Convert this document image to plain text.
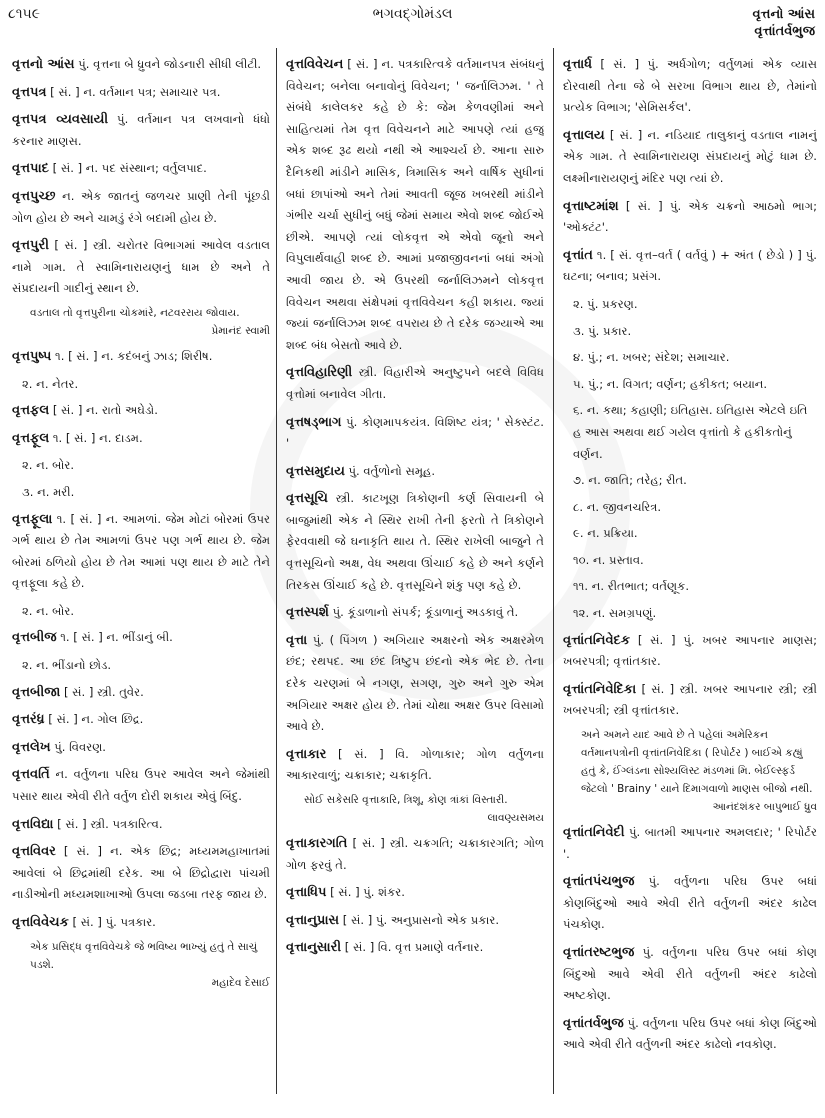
૮૧૫૯	ભગવદ્ગોમંડલ	વૃત્તનો આંસ
વૃત્તાંતર્વભુજ
વૃત્તનો આંસ પું. વૃત્તના બે ધ્રુવને જોડનારી સીધી લીટી.
વૃત્તપત્ર [ સં. ] ન. વર્તમાન પત્ર; સમાચાર પત્ર.
વૃત્તપત્ર વ્યવસાયી પું. વર્તમાન પત્ર લખવાનો ધંધો કરનાર માણસ.
વૃત્તપાદ [ સં. ] ન. પદ સંસ્થાન; વર્તુલપાદ.
વૃત્તપુચ્છ ન. એક જાતનું જળચર પ્રાણી તેની પૂંછડી ગોળ હોય છે અને ચામડું રંગે બદામી હોય છે.
વૃત્તપુરી [ સં. ] સ્ત્રી. ચરોતર વિભાગમાં આવેલ વડતાલ નામે ગામ. તે સ્વામિનારાયણનું ધામ છે અને તે સંપ્રદાયની ગાદીનું સ્થાન છે.
વડતાલ તો વૃત્તપુરીના ચોકમાંરે, નટવરરાય જોવાય.
પ્રેમાનંદ સ્વામી
વૃત્તપુષ્પ ૧. [ સં. ] ન. કદંબનું ઝાડ; શિરીષ.
૨. ન. નેતર.
વૃત્તફલ [ સં. ] ન. રાતો અઘેડો.
વૃત્તફૂલ ૧. [ સં. ] ન. દાડમ.
૨. ન. બોર.
૩. ન. મરી.
વૃત્તફૂલા ૧. [ સં. ] ન. આમળાં. જેમ મોટાં બોરમાં ઉપર ગર્ભ થાય છે તેમ આમળાં ઉપર પણ ગર્ભ થાય છે. જેમ બોરમાં ઠળિયો હોય છે તેમ આમાં પણ થાય છે માટે તેને વૃત્તફૂલા કહે છે.
૨. ન. બોર.
વૃત્તબીજ ૧. [ સં. ] ન. ભીંડાનું બી.
૨. ન. ભીંડાનો છોડ.
વૃત્તબીજા [ સં. ] સ્ત્રી. તુવેર.
વૃત્તરંધ્ર [ સં. ] ન. ગોલ છિદ્ર.
વૃત્તલેખ પું. વિવરણ.
વૃત્તવર્તિ ન. વર્તુળના પરિઘ ઉપર આવેલ અને જેમાંથી પસાર થાય એવી રીતે વર્તુળ દોરી શકાય એવું બિંદુ.
વૃત્તવિદ્યા [ સં. ] સ્ત્રી. પત્રકારિત્વ.
વૃત્તવિવર [ સં. ] ન. એક છિદ્ર; મધ્યમમહાખાતમાં આવેલાં બે છિદ્રમાંથી દરેક. આ બે છિદ્રોદ્વારા પાંચમી નાડીઓની મધ્યમશાખાઓ ઉપલા જડબા તરફ જાય છે.
વૃત્તવિવેચક [ સં. ] પું. પત્રકાર.
એક પ્રસિદ્ધ વૃત્તવિવેચકે જે ભવિષ્ય ભાખ્યું હતું તે સાચું પડશે.
મહાદેવ દેસાઈ
વૃત્તવિવેચન [ સં. ] ન. પત્રકારિત્વકે વર્તમાનપત્ર સંબંધનું વિવેચન; બનેલા બનાવોનું વિવેચન; ' જર્નાલિઝમ. ' તે સંબંધે કાલેલકર કહે છે કે: જેમ કેળવણીમાં અને સાહિત્યમાં તેમ વૃત્ત વિવેચનને માટે આપણે ત્યાં હજુ એક શબ્દ રૂઢ થયો નથી એ આશ્ચર્ય છે. આના સારુ દૈનિકથી માંડીને માસિક, ત્રિમાસિક અને વાર્ષિક સુધીનાં બધાં છાપાંઓ અને તેમાં આવતી જૂજ ખબરથી માંડીને ગંભીર ચર્ચા સુધીનું બધું જેમાં સમાય એવો શબ્દ જોઈએ છીએ. આપણે ત્યાં લોકવૃત્ત એ એવો જૂનો અને વિપુલાર્થવાહી શબ્દ છે. આમાં પ્રજાજીવનનાં બધાં અંગો આવી જાય છે. એ ઉપરથી જર્નાલિઝમને લોકવૃત્ત વિવેચન અથવા સંક્ષેપમાં વૃત્તવિવેચન કહી શકાય. જ્યાં જ્યાં જર્નાલિઝમ શબ્દ વપરાય છે તે દરેક જગ્યાએ આ શબ્દ બંધ બેસતો આવે છે.
વૃત્તવિહારિણી સ્ત્રી. વિહારીએ અનુષ્ટુપને બદલે વિવિધ વૃત્તોમાં બનાવેલ ગીતા.
વૃત્તષડ્ભાગ પું. કોણમાપકયંત્ર. વિશિષ્ટ યંત્ર; ' સેક્સ્ટંટ. '
વૃત્તસમુદાય પું. વર્તુળોનો સમૂહ.
વૃત્તસૂચિ સ્ત્રી. કાટખૂણ ત્રિકોણની કર્ણ સિવાયની બે બાજુમાંથી એક ને સ્થિર રાખી તેની ફરતો તે ત્રિકોણને ફેરવવાથી જે ઘનાકૃતિ થાય તે. સ્થિર રાખેલી બાજુને તે વૃત્તસૂચિનો અક્ષ, વેધ અથવા ઊંચાઈ કહે છે અને કર્ણને તિરકસ ઊંચાઈ કહે છે. વૃત્તસૂચિને શંકુ પણ કહે છે.
વૃત્તસ્પર્શ પું. કૂંડાળાનો સંપર્ક; કૂંડાળાનું અડકાવું તે.
વૃત્તા પું. ( પિંગળ ) અગિયાર અક્ષરનો એક અક્ષરમેળ છંદ; રથપદ. આ છંદ ત્રિષ્ટુપ છંદનો એક ભેદ છે. તેના દરેક ચરણમાં બે નગણ, સગણ, ગુરુ અને ગુરુ એમ અગિયાર અક્ષર હોય છે. તેમાં ચોથા અક્ષર ઉપર વિસામો આવે છે.
વૃત્તાકાર [ સં. ] વિ. ગોળાકાર; ગોળ વર્તુળના આકારવાળું; ચક્રાકાર; ચક્રાકૃતિ.
સોઈ સકેસરિ વૃત્તાકારિ, ત્રિશૂ, કોણ ત્રાંકાં વિસ્તારી.
લાવણ્યસમય
વૃત્તાકારગતિ [ સં. ] સ્ત્રી. ચક્રગતિ; ચક્રાકારગતિ; ગોળ ગોળ ફરવું તે.
વૃત્તાધિપ [ સં. ] પું. શંકર.
વૃત્તાનુપ્રાસ [ સં. ] પું. અનુપ્રાસનો એક પ્રકાર.
વૃત્તાનુસારી [ સં. ] વિ. વૃત્ત પ્રમાણે વર્તનાર.
વૃત્તાર્ધ [ સં. ] પું. અર્ધગોળ; વર્તુળમાં એક વ્યાસ દોરવાથી તેના જે બે સરખા વિભાગ થાય છે, તેમાંનો પ્રત્યેક વિભાગ; 'સેમિસર્કલ'.
વૃત્તાલય [ સં. ] ન. નડિયાદ તાલુકાનું વડતાલ નામનું એક ગામ. તે સ્વામિનારાયણ સંપ્રદાયનું મોટું ધામ છે. લક્ષ્મીનારાયણનું મંદિર પણ ત્યાં છે.
વૃત્તાષ્ટમાંશ [ સં. ] પું. એક ચક્રનો આઠમો ભાગ; 'ઓક્ટંટ'.
વૃત્તાંત ૧. [ સં. વૃત્ત–વર્ત ( વર્તવું ) + અંત ( છેડો ) ] પું. ઘટના; બનાવ; પ્રસંગ.
૨. પું. પ્રકરણ.
૩. પું. પ્રકાર.
૪. પું.; ન. ખબર; સંદેશ; સમાચાર.
૫. પું.; ન. વિગત; વર્ણન; હકીકત; બયાન.
૬. ન. કથા; કહાણી; ઇતિહાસ. ઇતિહાસ એટલે ઇતિ હ આસ અથવા થઈ ગયેલ વૃત્તાંતો કે હકીકતોનું વર્ણન.
૭. ન. જાતિ; તરેહ; રીત.
૮. ન. જીવનચરિત્ર.
૯. ન. પ્રક્રિયા.
૧૦. ન. પ્રસ્તાવ.
૧૧. ન. રીતભાત; વર્તણૂક.
૧૨. ન. સમગ્રપણું.
વૃત્તાંતનિવેદક [ સં. ] પું. ખબર આપનાર માણસ; ખબરપત્રી; વૃત્તાંતકાર.
વૃત્તાંતનિવેદિકા [ સં. ] સ્ત્રી. ખબર આપનાર સ્ત્રી; સ્ત્રી ખબરપત્રી; સ્ત્રી વૃત્તાંતકાર.
અને અમને યાદ આવે છે તે પહેલાં અમેરિકન વર્તમાનપત્રોની વૃત્તાંતનિવેદિકા ( રિપોર્ટર ) બાઈએ કહ્યું હતું કે, ઈંગ્લંડના સોશ્યલિસ્ટ મંડળમાં મિ. બેઈલ્સ્ફર્ડ જેટલો ' Brainy ' યાને દિમાગવાળો માણસ બીજો નથી.
આનંદશંકર બાપુભાઈ ધ્રુવ
વૃત્તાંતનિવેદી પું. બાતમી આપનાર અમલદાર; ' રિપોર્ટર '.
વૃત્તાંતપંચભુજ પું. વર્તુળના પરિઘ ઉપર બધાં કોણબિંદુઓ આવે એવી રીતે વર્તુળની અંદર કાઢેલ પંચકોણ.
વૃત્તાંતરષ્ટભુજ પું. વર્તુળના પરિઘ ઉપર બધાં કોણ બિંદુઓ આવે એવી રીતે વર્તુળની અંદર કાઢેલો અષ્ટકોણ.
વૃત્તાંતર્વભુજ પું. વર્તુળના પરિઘ ઉપર બધાં કોણ બિંદુઓ આવે એવી રીતે વર્તુળની અંદર કાઢેલો નવકોણ.
